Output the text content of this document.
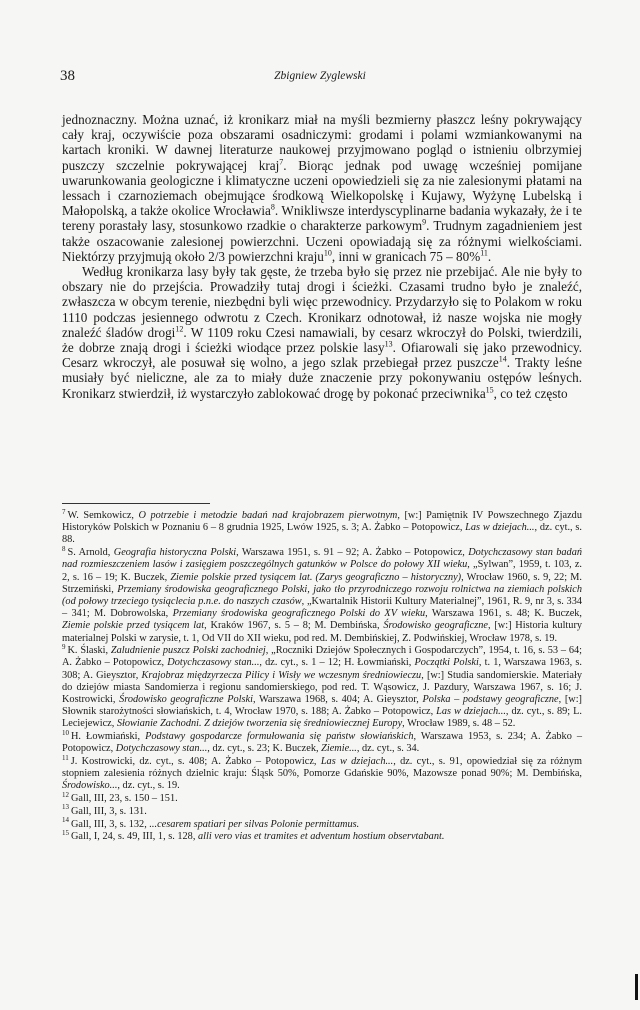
38	Zbigniew Zyglewski

jednoznaczny. Można uznać, iż kronikarz miał na myśli bezmierny płaszcz leśny pokrywający cały kraj, oczywiście poza obszarami osadniczymi: grodami i polami wzmiankowanymi na kartach kroniki. W dawnej literaturze naukowej przyjmowano pogląd o istnieniu olbrzymiej puszczy szczelnie pokrywającej kraj$^7$. Biorąc jednak pod uwagę wcześniej pomijane uwarunkowania geologiczne i klimatyczne uczeni opowiedzieli się za nie zalesionymi płatami na lessach i czarnoziemach obejmujące środkową Wielkopolskę i Kujawy, Wyżynę Lubelską i Małopolską, a także okolice Wrocławia$^8$. Wnikliwsze interdyscyplinarne badania wykazały, że i te tereny porastały lasy, stosunkowo rzadkie o charakterze parkowym$^9$. Trudnym zagadnieniem jest także oszacowanie zalesionej powierzchni. Uczeni opowiadają się za różnymi wielkościami. Niektórzy przyjmują około 2/3 powierzchni kraju$^{10}$, inni w granicach 75 – 80%$^{11}$.

Według kronikarza lasy były tak gęste, że trzeba było się przez nie przebijać. Ale nie były to obszary nie do przejścia. Prowadziły tutaj drogi i ścieżki. Czasami trudno było je znaleźć, zwłaszcza w obcym terenie, niezbędni byli więc przewodnicy. Przydarzyło się to Polakom w roku 1110 podczas jesiennego odwrotu z Czech. Kronikarz odnotował, iż nasze wojska nie mogły znaleźć śladów drogi$^{12}$. W 1109 roku Czesi namawiali, by cesarz wkroczył do Polski, twierdzili, że dobrze znają drogi i ścieżki wiodące przez polskie lasy$^{13}$. Ofiarowali się jako przewodnicy. Cesarz wkroczył, ale posuwał się wolno, a jego szlak przebiegał przez puszcze$^{14}$. Trakty leśne musiały być nieliczne, ale za to miały duże znaczenie przy pokonywaniu ostępów leśnych. Kronikarz stwierdził, iż wystarczyło zablokować drogę by pokonać przeciwnika$^{15}$, co też często

$^7$ W. Semkowicz, O potrzebie i metodzie badań nad krajobrazem pierwotnym, [w:] Pamiętnik IV Powszechnego Zjazdu Historyków Polskich w Poznaniu 6 – 8 grudnia 1925, Lwów 1925, s. 3; A. Żabko – Potopowicz, Las w dziejach..., dz. cyt., s. 88.

$^8$ S. Arnold, Geografia historyczna Polski, Warszawa 1951, s. 91 – 92; A. Żabko – Potopowicz, Dotychczasowy stan badań nad rozmieszczeniem lasów i zasięgiem poszczególnych gatunków w Polsce do połowy XII wieku, „Sylwan”, 1959, t. 103, z. 2, s. 16 – 19; K. Buczek, Ziemie polskie przed tysiącem lat. (Zarys geograficzno – historyczny), Wrocław 1960, s. 9, 22; M. Strzemiński, Przemiany środowiska geograficznego Polski, jako tło przyrodniczego rozwoju rolnictwa na ziemiach polskich (od połowy trzeciego tysiąclecia p.n.e. do naszych czasów, „Kwartalnik Historii Kultury Materialnej”, 1961, R. 9, nr 3, s. 334 – 341; M. Dobrowolska, Przemiany środowiska geograficznego Polski do XV wieku, Warszawa 1961, s. 48; K. Buczek, Ziemie polskie przed tysiącem lat, Kraków 1967, s. 5 – 8; M. Dembińska, Środowisko geograficzne, [w:] Historia kultury materialnej Polski w zarysie, t. 1, Od VII do XII wieku, pod red. M. Dembińskiej, Z. Podwińskiej, Wrocław 1978, s. 19.

$^9$ K. Ślaski, Zaludnienie puszcz Polski zachodniej, „Roczniki Dziejów Społecznych i Gospodarczych”, 1954, t. 16, s. 53 – 64; A. Żabko – Potopowicz, Dotychczasowy stan..., dz. cyt., s. 1 – 12; H. Łowmiański, Początki Polski, t. 1, Warszawa 1963, s. 308; A. Gieysztor, Krajobraz międzyrzecza Pilicy i Wisły we wczesnym średniowieczu, [w:] Studia sandomierskie. Materiały do dziejów miasta Sandomierza i regionu sandomierskiego, pod red. T. Wąsowicz, J. Pazdury, Warszawa 1967, s. 16; J. Kostrowicki, Środowisko geograficzne Polski, Warszawa 1968, s. 404; A. Gieysztor, Polska – podstawy geograficzne, [w:] Słownik starożytności słowiańskich, t. 4, Wrocław 1970, s. 188; A. Żabko – Potopowicz, Las w dziejach..., dz. cyt., s. 89; L. Leciejewicz, Słowianie Zachodni. Z dziejów tworzenia się średniowiecznej Europy, Wrocław 1989, s. 48 – 52.

$^{10}$ H. Łowmiański, Podstawy gospodarcze formułowania się państw słowiańskich, Warszawa 1953, s. 234; A. Żabko – Potopowicz, Dotychczasowy stan..., dz. cyt., s. 23; K. Buczek, Ziemie..., dz. cyt., s. 34.

$^{11}$ J. Kostrowicki, dz. cyt., s. 408; A. Żabko – Potopowicz, Las w dziejach..., dz. cyt., s. 91, opowiedział się za różnym stopniem zalesienia różnych dzielnic kraju: Śląsk 50%, Pomorze Gdańskie 90%, Mazowsze ponad 90%; M. Dembińska, Środowisko..., dz. cyt., s. 19.

$^{12}$ Gall, III, 23, s. 150 – 151.

$^{13}$ Gall, III, 3, s. 131.

$^{14}$ Gall, III, 3, s. 132, ...cesarem spatiari per silvas Polonie permittamus.

$^{15}$ Gall, I, 24, s. 49, III, 1, s. 128, alli vero vias et tramites et adventum hostium observtabant.
